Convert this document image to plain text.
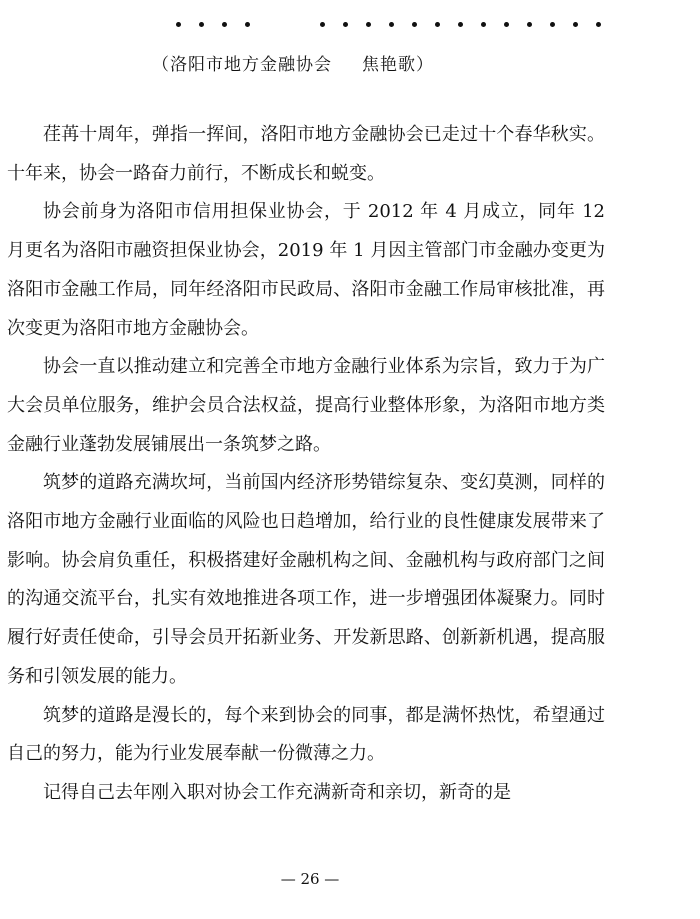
（洛阳市地方金融协会 焦艳歌）

荏苒十周年，弹指一挥间，洛阳市地方金融协会已走过十个春华秋实。十年来，协会一路奋力前行，不断成长和蜕变。

协会前身为洛阳市信用担保业协会，于 2012 年 4 月成立，同年 12 月更名为洛阳市融资担保业协会，2019 年 1 月因主管部门市金融办变更为洛阳市金融工作局，同年经洛阳市民政局、洛阳市金融工作局审核批准，再次变更为洛阳市地方金融协会。

协会一直以推动建立和完善全市地方金融行业体系为宗旨，致力于为广大会员单位服务，维护会员合法权益，提高行业整体形象，为洛阳市地方类金融行业蓬勃发展铺展出一条筑梦之路。

筑梦的道路充满坎坷，当前国内经济形势错综复杂、变幻莫测，同样的洛阳市地方金融行业面临的风险也日趋增加，给行业的良性健康发展带来了影响。协会肩负重任，积极搭建好金融机构之间、金融机构与政府部门之间的沟通交流平台，扎实有效地推进各项工作，进一步增强团体凝聚力。同时履行好责任使命，引导会员开拓新业务、开发新思路、创新新机遇，提高服务和引领发展的能力。

筑梦的道路是漫长的，每个来到协会的同事，都是满怀热忱，希望通过自己的努力，能为行业发展奉献一份微薄之力。

记得自己去年刚入职对协会工作充满新奇和亲切，新奇的是

— 26 —
